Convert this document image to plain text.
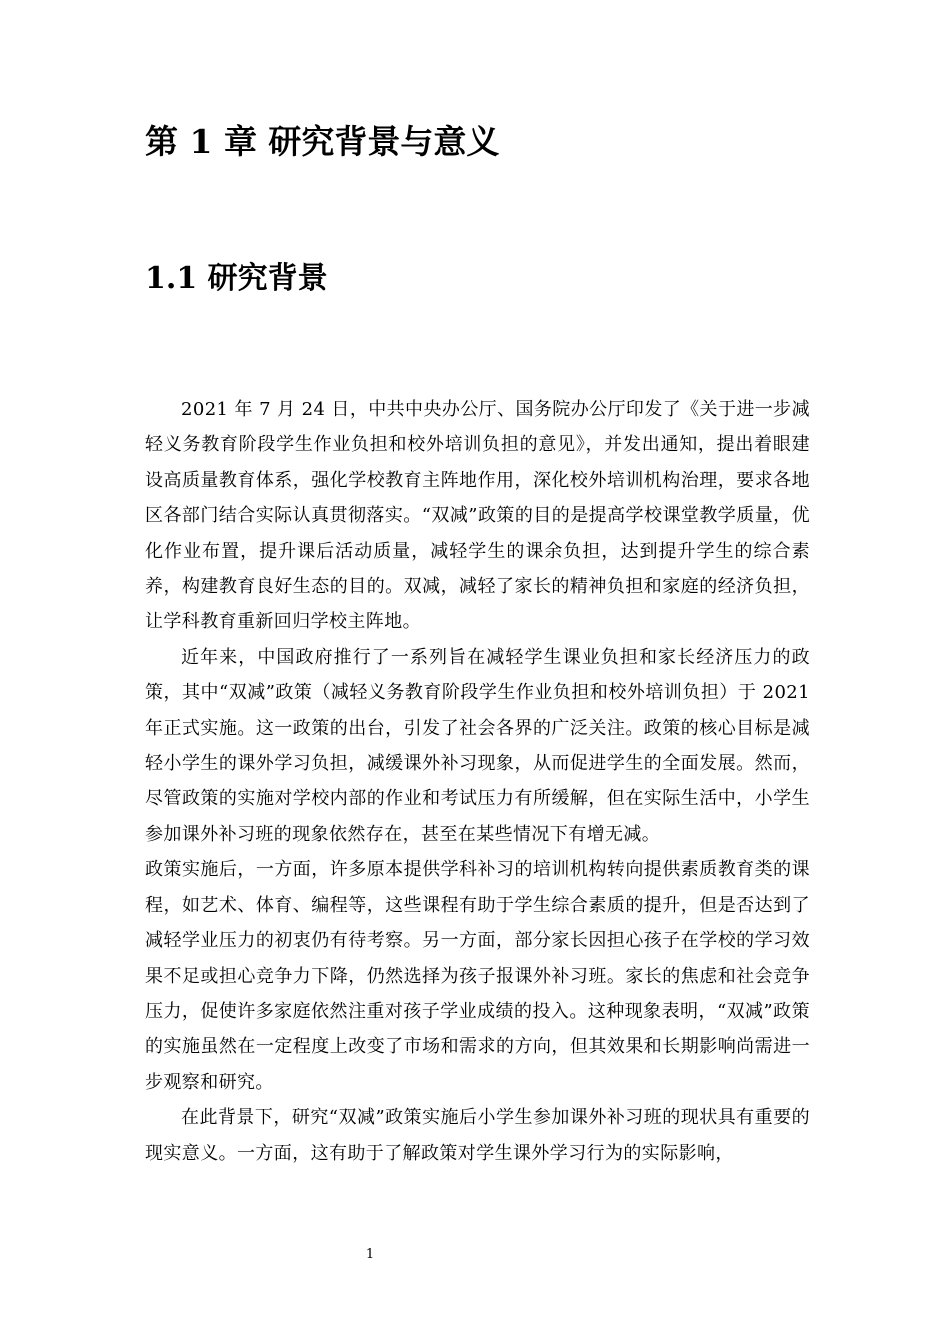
第 1 章 研究背景与意义
1.1 研究背景

2021 年 7 月 24 日，中共中央办公厅、国务院办公厅印发了《关于进一步减轻义务教育阶段学生作业负担和校外培训负担的意见》，并发出通知，提出着眼建设高质量教育体系，强化学校教育主阵地作用，深化校外培训机构治理，要求各地区各部门结合实际认真贯彻落实。“双减”政策的目的是提高学校课堂教学质量，优化作业布置，提升课后活动质量，减轻学生的课余负担，达到提升学生的综合素养，构建教育良好生态的目的。双减，减轻了家长的精神负担和家庭的经济负担，让学科教育重新回归学校主阵地。

近年来，中国政府推行了一系列旨在减轻学生课业负担和家长经济压力的政策，其中“双减”政策（减轻义务教育阶段学生作业负担和校外培训负担）于 2021 年正式实施。这一政策的出台，引发了社会各界的广泛关注。政策的核心目标是减轻小学生的课外学习负担，减缓课外补习现象，从而促进学生的全面发展。然而，尽管政策的实施对学校内部的作业和考试压力有所缓解，但在实际生活中，小学生参加课外补习班的现象依然存在，甚至在某些情况下有增无减。

政策实施后，一方面，许多原本提供学科补习的培训机构转向提供素质教育类的课程，如艺术、体育、编程等，这些课程有助于学生综合素质的提升，但是否达到了减轻学业压力的初衷仍有待考察。另一方面，部分家长因担心孩子在学校的学习效果不足或担心竞争力下降，仍然选择为孩子报课外补习班。家长的焦虑和社会竞争压力，促使许多家庭依然注重对孩子学业成绩的投入。这种现象表明，“双减”政策的实施虽然在一定程度上改变了市场和需求的方向，但其效果和长期影响尚需进一步观察和研究。

在此背景下，研究“双减”政策实施后小学生参加课外补习班的现状具有重要的现实意义。一方面，这有助于了解政策对学生课外学习行为的实际影响，

1
